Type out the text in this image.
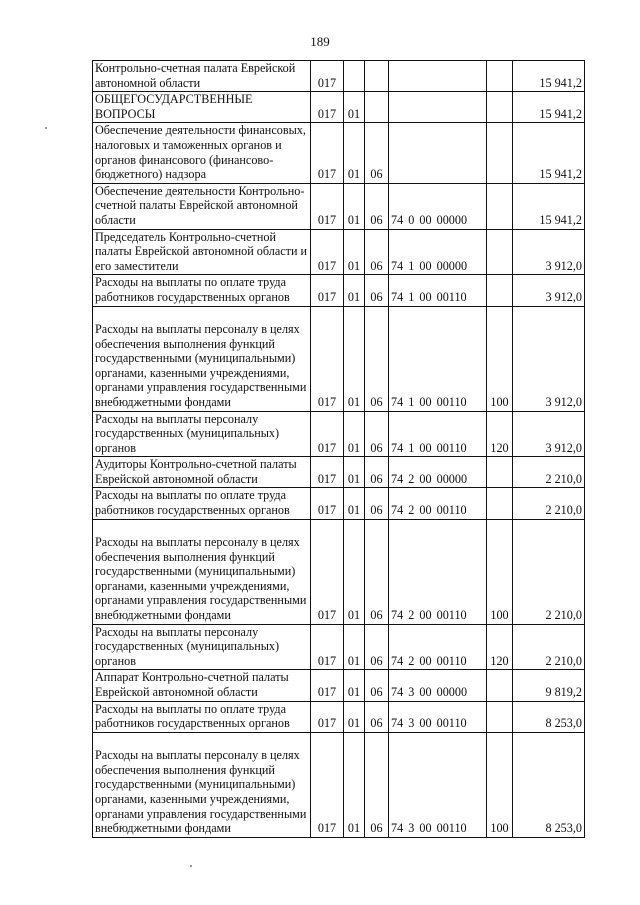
189
Контрольно-счетная палата Еврейской автономной области	017					15 941,2
ОБЩЕГОСУДАРСТВЕННЫЕ ВОПРОСЫ	017	01				15 941,2
Обеспечение деятельности финансовых, налоговых и таможенных органов и органов финансового (финансово-бюджетного) надзора	017	01	06			15 941,2
Обеспечение деятельности Контрольно-счетной палаты Еврейской автономной области	017	01	06	74 0 00 00000		15 941,2
Председатель Контрольно-счетной палаты Еврейской автономной области и его заместители	017	01	06	74 1 00 00000		3 912,0
Расходы на выплаты по оплате труда работников государственных органов	017	01	06	74 1 00 00110		3 912,0
Расходы на выплаты персоналу в целях обеспечения выполнения функций государственными (муниципальными) органами, казенными учреждениями, органами управления государственными внебюджетными фондами	017	01	06	74 1 00 00110	100	3 912,0
Расходы на выплаты персоналу государственных (муниципальных) органов	017	01	06	74 1 00 00110	120	3 912,0
Аудиторы Контрольно-счетной палаты Еврейской автономной области	017	01	06	74 2 00 00000		2 210,0
Расходы на выплаты по оплате труда работников государственных органов	017	01	06	74 2 00 00110		2 210,0
Расходы на выплаты персоналу в целях обеспечения выполнения функций государственными (муниципальными) органами, казенными учреждениями, органами управления государственными внебюджетными фондами	017	01	06	74 2 00 00110	100	2 210,0
Расходы на выплаты персоналу государственных (муниципальных) органов	017	01	06	74 2 00 00110	120	2 210,0
Аппарат Контрольно-счетной палаты Еврейской автономной области	017	01	06	74 3 00 00000		9 819,2
Расходы на выплаты по оплате труда работников государственных органов	017	01	06	74 3 00 00110		8 253,0
Расходы на выплаты персоналу в целях обеспечения выполнения функций государственными (муниципальными) органами, казенными учреждениями, органами управления государственными внебюджетными фондами	017	01	06	74 3 00 00110	100	8 253,0
